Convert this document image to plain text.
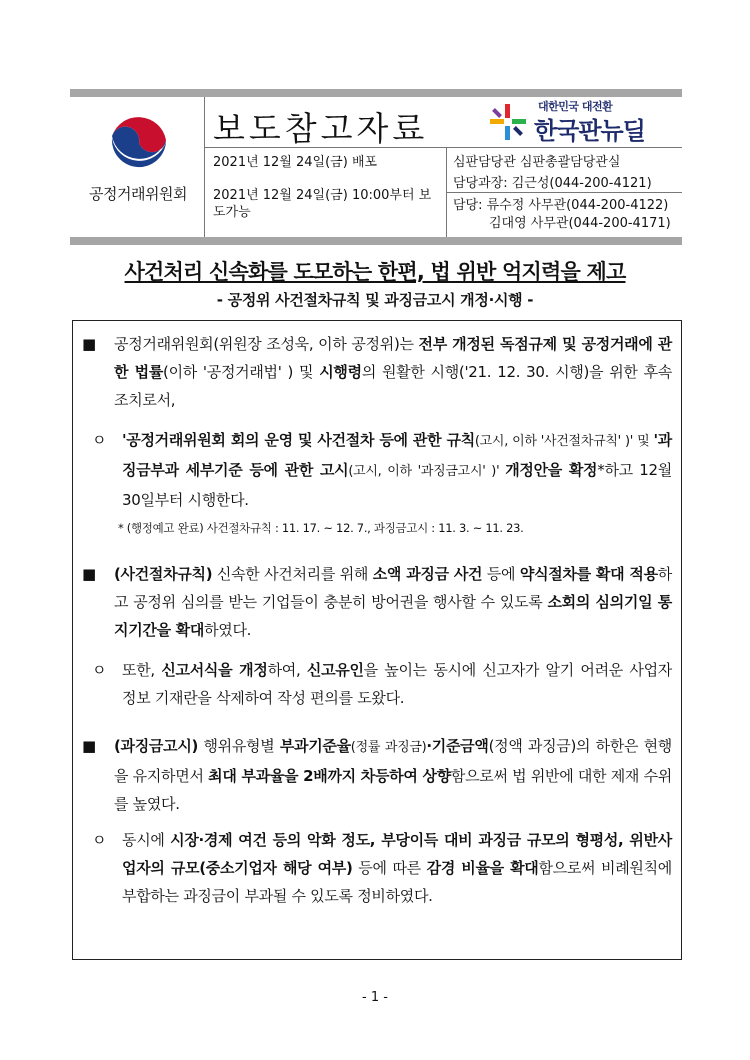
공정거래위원회
보도참고자료
대한민국 대전환
한국판뉴딜
2021년 12월 24일(금) 배포
2021년 12월 24일(금) 10:00부터 보도가능
심판담당관 심판총괄담당관실
담당과장: 김근성(044-200-4121)
담당: 류수정 사무관(044-200-4122)
김대영 사무관(044-200-4171)
사건처리 신속화를 도모하는 한편, 법 위반 억지력을 제고
- 공정위 사건절차규칙 및 과징금고시 개정·시행 -
■ 공정거래위원회(위원장 조성욱, 이하 공정위)는 전부 개정된 독점규제 및 공정거래에 관한 법률(이하 '공정거래법' ) 및 시행령의 원활한 시행('21. 12. 30. 시행)을 위한 후속 조치로서,
ㅇ '공정거래위원회 회의 운영 및 사건절차 등에 관한 규칙(고시, 이하 '사건절차규칙' )' 및 '과징금부과 세부기준 등에 관한 고시(고시, 이하 '과징금고시' )' 개정안을 확정*하고 12월 30일부터 시행한다.
* (행정예고 완료) 사건절차규칙 : 11. 17. ~ 12. 7., 과징금고시 : 11. 3. ~ 11. 23.
■ (사건절차규칙) 신속한 사건처리를 위해 소액 과징금 사건 등에 약식절차를 확대 적용하고 공정위 심의를 받는 기업들이 충분히 방어권을 행사할 수 있도록 소회의 심의기일 통지기간을 확대하였다.
ㅇ 또한, 신고서식을 개정하여, 신고유인을 높이는 동시에 신고자가 알기 어려운 사업자 정보 기재란을 삭제하여 작성 편의를 도왔다.
■ (과징금고시) 행위유형별 부과기준율(정률 과징금)·기준금액(정액 과징금)의 하한은 현행을 유지하면서 최대 부과율을 2배까지 차등하여 상향함으로써 법 위반에 대한 제재 수위를 높였다.
ㅇ 동시에 시장·경제 여건 등의 악화 정도, 부당이득 대비 과징금 규모의 형평성, 위반사업자의 규모(중소기업자 해당 여부) 등에 따른 감경 비율을 확대함으로써 비례원칙에 부합하는 과징금이 부과될 수 있도록 정비하였다.
- 1 -
